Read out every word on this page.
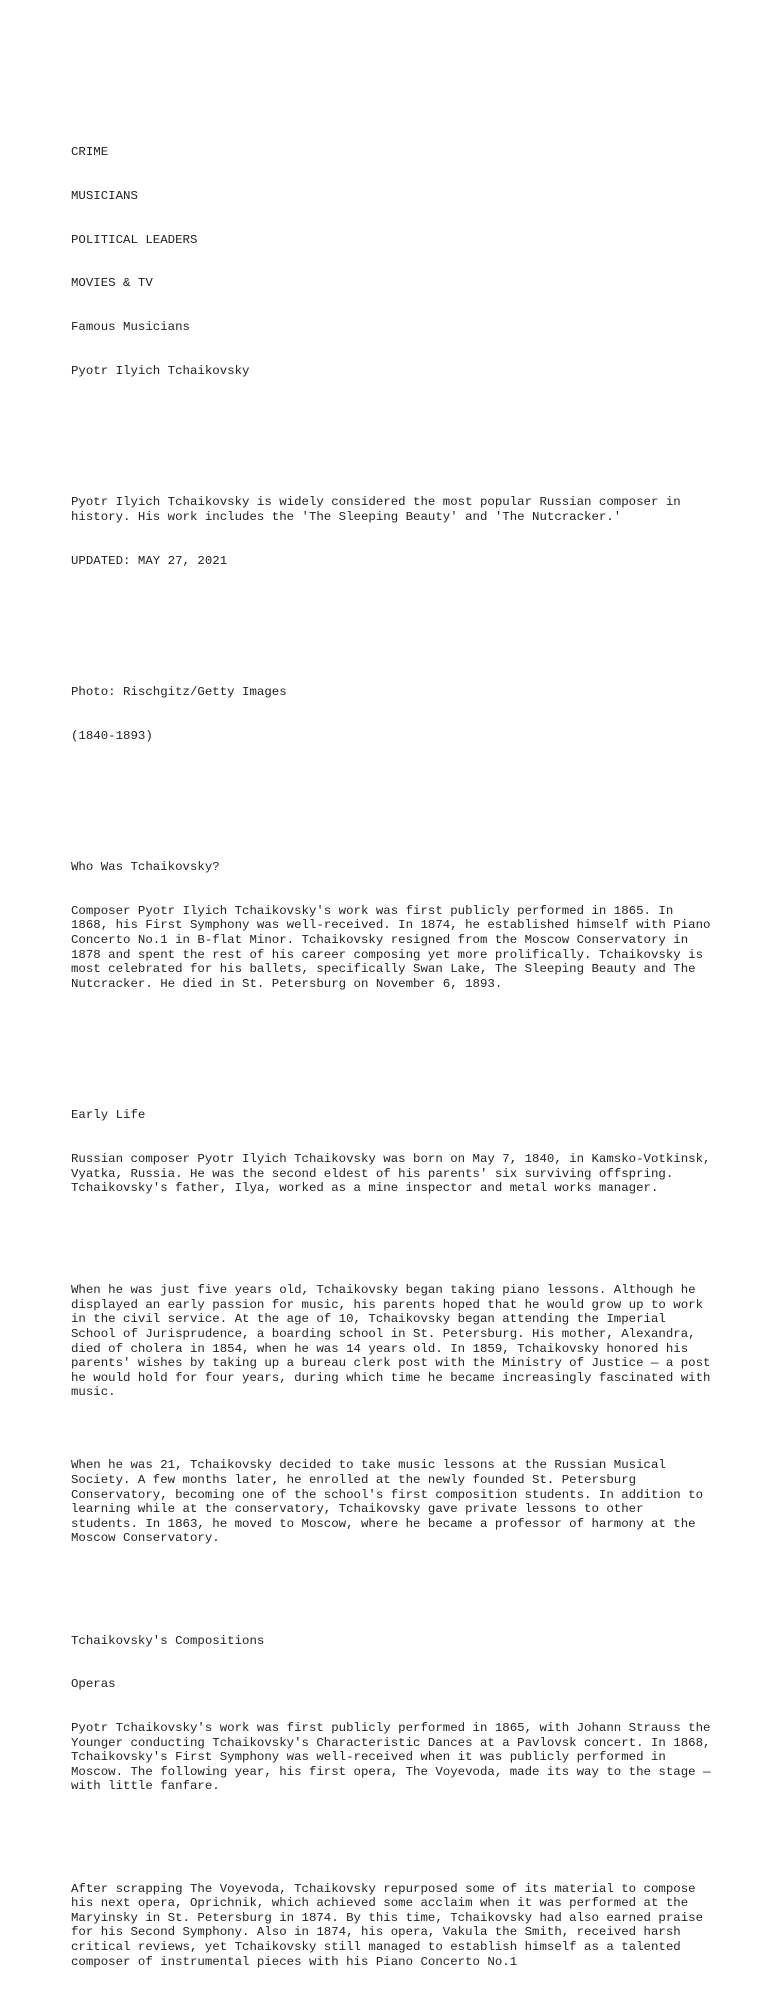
CRIME

MUSICIANS

POLITICAL LEADERS

MOVIES & TV

Famous Musicians

Pyotr Ilyich Tchaikovsky

Pyotr Ilyich Tchaikovsky is widely considered the most popular Russian composer in history. His work includes the 'The Sleeping Beauty' and 'The Nutcracker.'

UPDATED: MAY 27, 2021

Photo: Rischgitz/Getty Images

(1840-1893)

Who Was Tchaikovsky?

Composer Pyotr Ilyich Tchaikovsky's work was first publicly performed in 1865. In 1868, his First Symphony was well-received. In 1874, he established himself with Piano Concerto No.1 in B-flat Minor. Tchaikovsky resigned from the Moscow Conservatory in 1878 and spent the rest of his career composing yet more prolifically. Tchaikovsky is most celebrated for his ballets, specifically Swan Lake, The Sleeping Beauty and The Nutcracker. He died in St. Petersburg on November 6, 1893.

Early Life

Russian composer Pyotr Ilyich Tchaikovsky was born on May 7, 1840, in Kamsko-Votkinsk, Vyatka, Russia. He was the second eldest of his parents' six surviving offspring. Tchaikovsky's father, Ilya, worked as a mine inspector and metal works manager.

When he was just five years old, Tchaikovsky began taking piano lessons. Although he displayed an early passion for music, his parents hoped that he would grow up to work in the civil service. At the age of 10, Tchaikovsky began attending the Imperial School of Jurisprudence, a boarding school in St. Petersburg. His mother, Alexandra, died of cholera in 1854, when he was 14 years old. In 1859, Tchaikovsky honored his parents' wishes by taking up a bureau clerk post with the Ministry of Justice — a post he would hold for four years, during which time he became increasingly fascinated with music.

When he was 21, Tchaikovsky decided to take music lessons at the Russian Musical Society. A few months later, he enrolled at the newly founded St. Petersburg Conservatory, becoming one of the school's first composition students. In addition to learning while at the conservatory, Tchaikovsky gave private lessons to other students. In 1863, he moved to Moscow, where he became a professor of harmony at the Moscow Conservatory.

Tchaikovsky's Compositions

Operas

Pyotr Tchaikovsky's work was first publicly performed in 1865, with Johann Strauss the Younger conducting Tchaikovsky's Characteristic Dances at a Pavlovsk concert. In 1868, Tchaikovsky's First Symphony was well-received when it was publicly performed in Moscow. The following year, his first opera, The Voyevoda, made its way to the stage — with little fanfare.

After scrapping The Voyevoda, Tchaikovsky repurposed some of its material to compose his next opera, Oprichnik, which achieved some acclaim when it was performed at the Maryinsky in St. Petersburg in 1874. By this time, Tchaikovsky had also earned praise for his Second Symphony. Also in 1874, his opera, Vakula the Smith, received harsh critical reviews, yet Tchaikovsky still managed to establish himself as a talented composer of instrumental pieces with his Piano Concerto No.1
